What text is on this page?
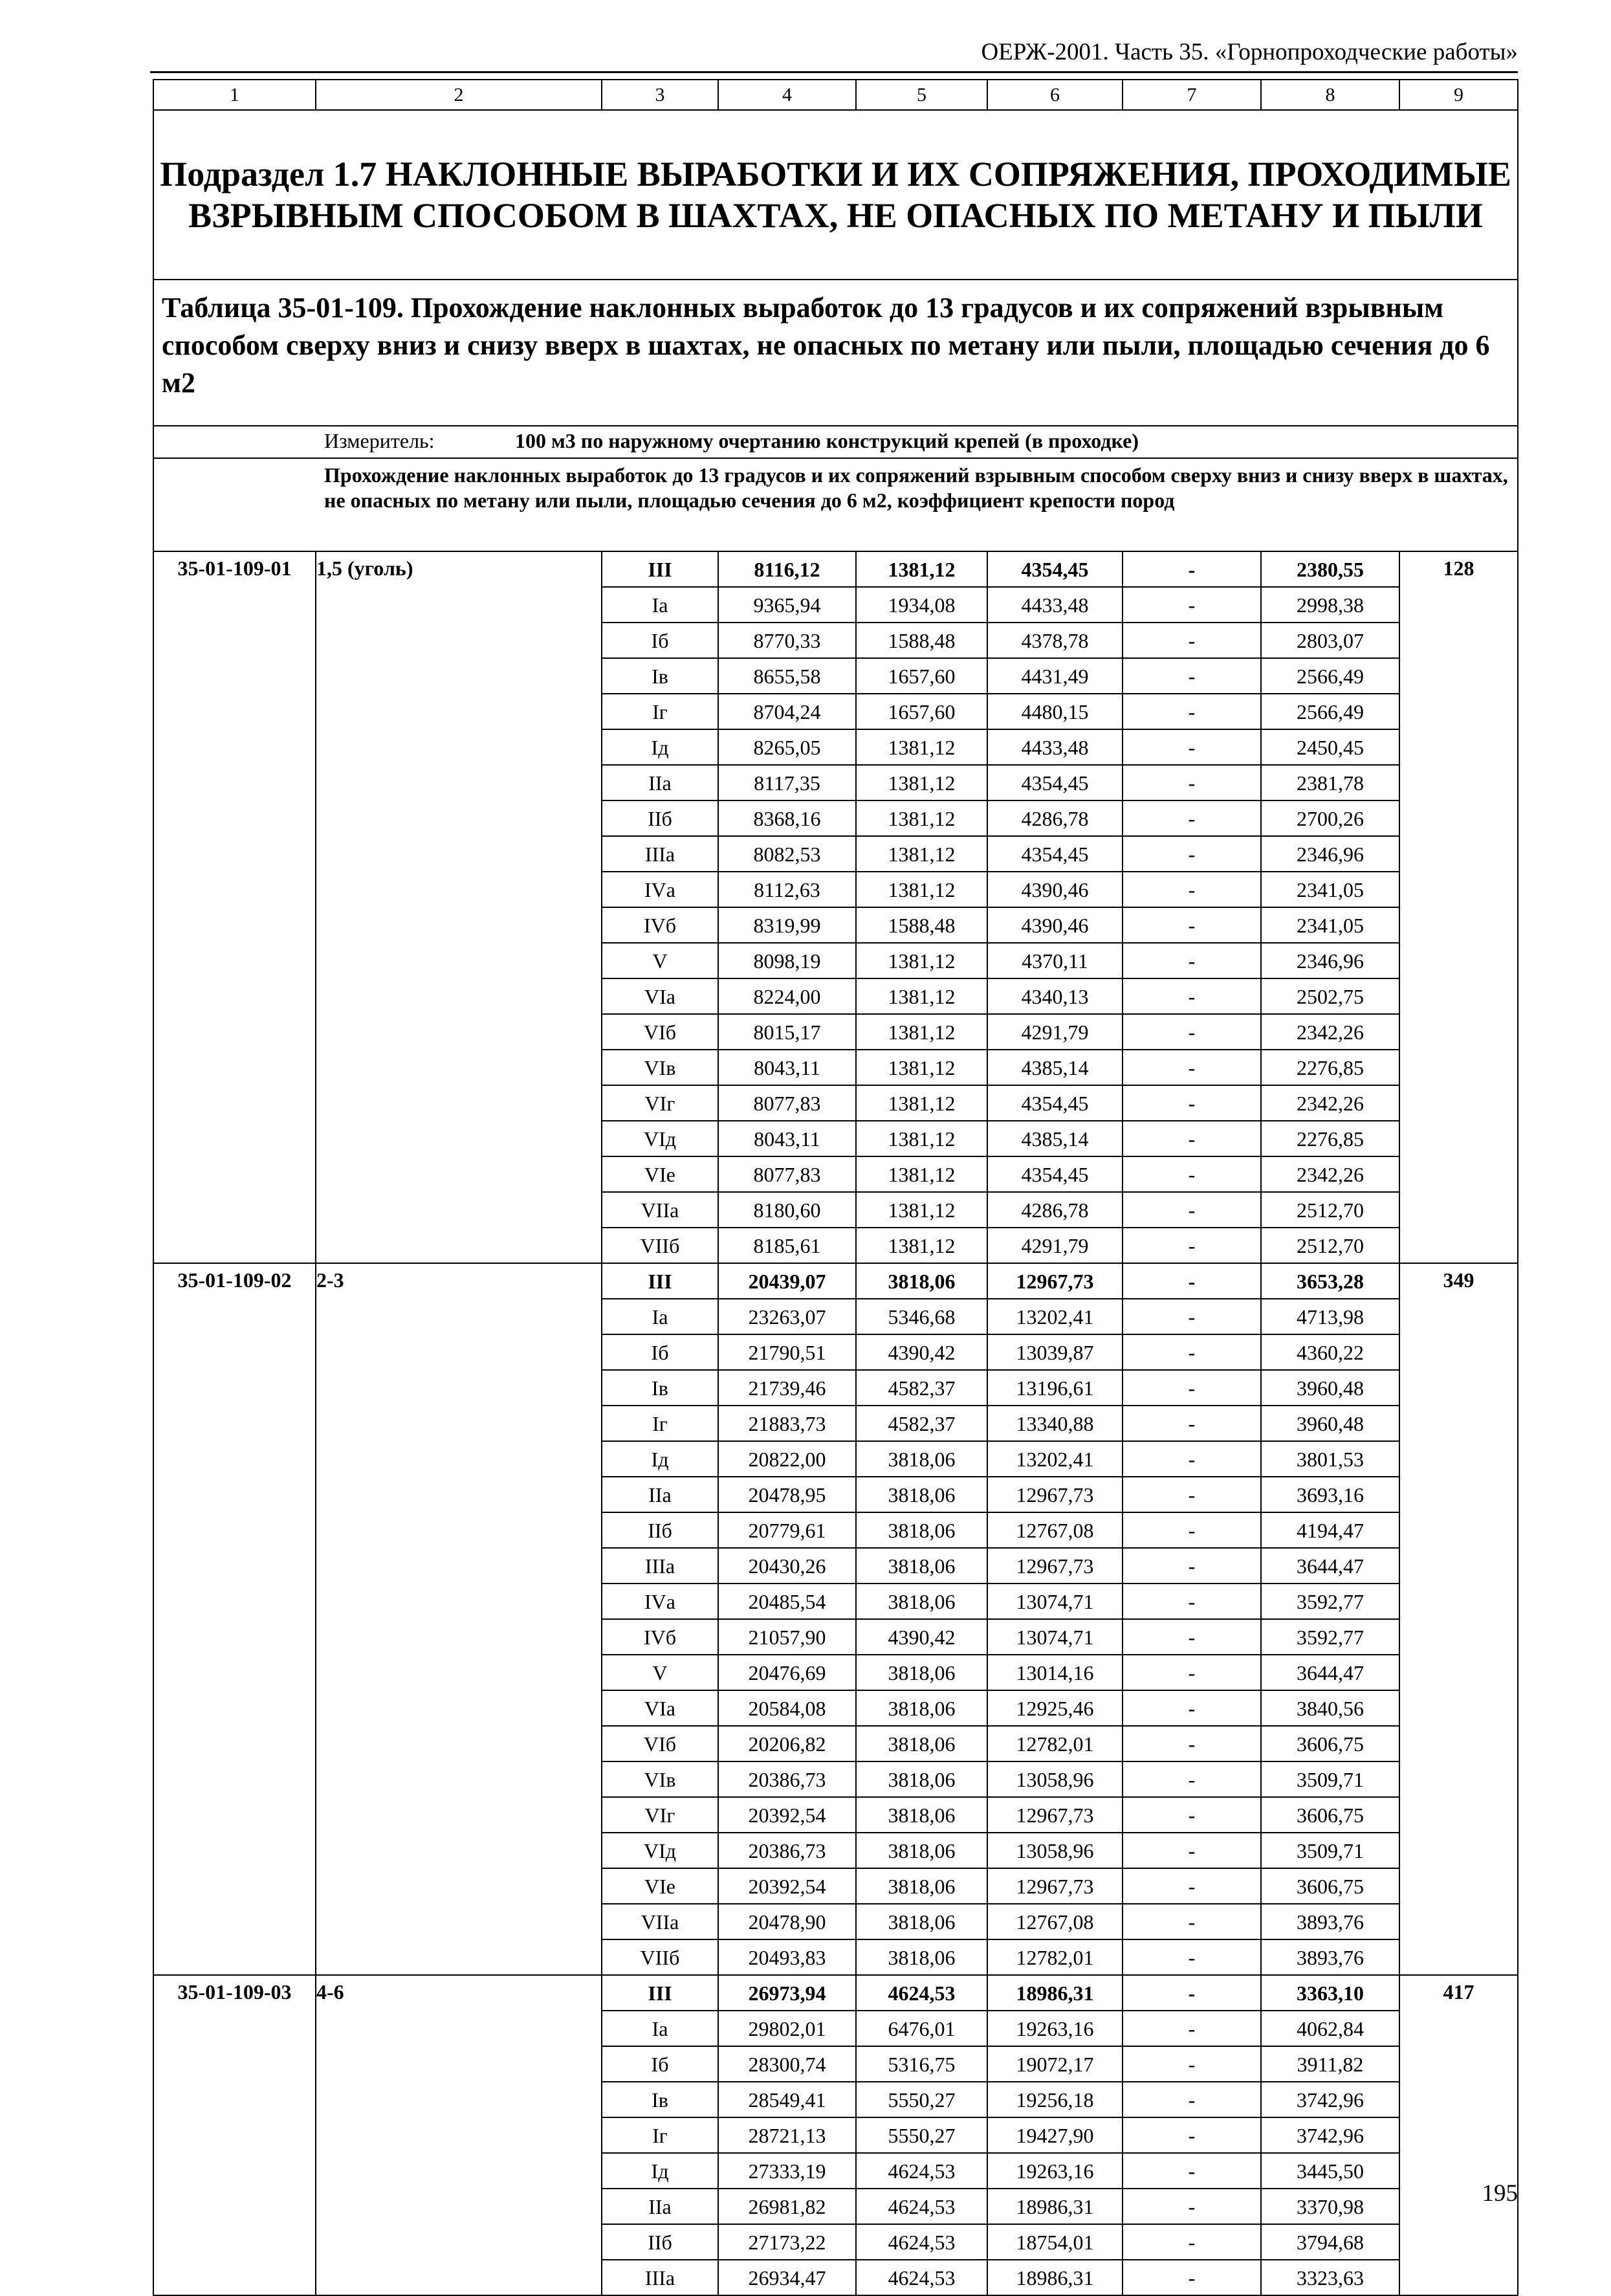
ОЕРЖ-2001. Часть 35. «Горнопроходческие работы»
1	2	3	4	5	6	7	8	9
Подраздел 1.7 НАКЛОННЫЕ ВЫРАБОТКИ И ИХ СОПРЯЖЕНИЯ, ПРОХОДИМЫЕ ВЗРЫВНЫМ СПОСОБОМ В ШАХТАХ, НЕ ОПАСНЫХ ПО МЕТАНУ И ПЫЛИ								
Таблица 35-01-109. Прохождение наклонных выработок до 13 градусов и их сопряжений взрывным способом сверху вниз и снизу вверх в шахтах, не опасных по метану или пыли, площадью сечения до 6 м2								
Измеритель: 100 м3 по наружному очертанию конструкций крепей (в проходке)								
Прохождение наклонных выработок до 13 градусов и их сопряжений взрывным способом сверху вниз и снизу вверх в шахтах, не опасных по метану или пыли, площадью сечения до 6 м2, коэффициент крепости пород								
35-01-109-01	1,5 (уголь)	III	8116,12	1381,12	4354,45	-	2380,55	128
		Iа	9365,94	1934,08	4433,48	-	2998,38	
		Iб	8770,33	1588,48	4378,78	-	2803,07	
		Iв	8655,58	1657,60	4431,49	-	2566,49	
		Iг	8704,24	1657,60	4480,15	-	2566,49	
		Iд	8265,05	1381,12	4433,48	-	2450,45	
		IIа	8117,35	1381,12	4354,45	-	2381,78	
		IIб	8368,16	1381,12	4286,78	-	2700,26	
		IIIа	8082,53	1381,12	4354,45	-	2346,96	
		IVа	8112,63	1381,12	4390,46	-	2341,05	
		IVб	8319,99	1588,48	4390,46	-	2341,05	
		V	8098,19	1381,12	4370,11	-	2346,96	
		VIа	8224,00	1381,12	4340,13	-	2502,75	
		VIб	8015,17	1381,12	4291,79	-	2342,26	
		VIв	8043,11	1381,12	4385,14	-	2276,85	
		VIг	8077,83	1381,12	4354,45	-	2342,26	
		VIд	8043,11	1381,12	4385,14	-	2276,85	
		VIе	8077,83	1381,12	4354,45	-	2342,26	
		VIIа	8180,60	1381,12	4286,78	-	2512,70	
		VIIб	8185,61	1381,12	4291,79	-	2512,70	
35-01-109-02	2-3	III	20439,07	3818,06	12967,73	-	3653,28	349
		Iа	23263,07	5346,68	13202,41	-	4713,98	
		Iб	21790,51	4390,42	13039,87	-	4360,22	
		Iв	21739,46	4582,37	13196,61	-	3960,48	
		Iг	21883,73	4582,37	13340,88	-	3960,48	
		Iд	20822,00	3818,06	13202,41	-	3801,53	
		IIа	20478,95	3818,06	12967,73	-	3693,16	
		IIб	20779,61	3818,06	12767,08	-	4194,47	
		IIIа	20430,26	3818,06	12967,73	-	3644,47	
		IVа	20485,54	3818,06	13074,71	-	3592,77	
		IVб	21057,90	4390,42	13074,71	-	3592,77	
		V	20476,69	3818,06	13014,16	-	3644,47	
		VIа	20584,08	3818,06	12925,46	-	3840,56	
		VIб	20206,82	3818,06	12782,01	-	3606,75	
		VIв	20386,73	3818,06	13058,96	-	3509,71	
		VIг	20392,54	3818,06	12967,73	-	3606,75	
		VIд	20386,73	3818,06	13058,96	-	3509,71	
		VIе	20392,54	3818,06	12967,73	-	3606,75	
		VIIа	20478,90	3818,06	12767,08	-	3893,76	
		VIIб	20493,83	3818,06	12782,01	-	3893,76	
35-01-109-03	4-6	III	26973,94	4624,53	18986,31	-	3363,10	417
		Iа	29802,01	6476,01	19263,16	-	4062,84	
		Iб	28300,74	5316,75	19072,17	-	3911,82	
		Iв	28549,41	5550,27	19256,18	-	3742,96	
		Iг	28721,13	5550,27	19427,90	-	3742,96	
		Iд	27333,19	4624,53	19263,16	-	3445,50	
		IIа	26981,82	4624,53	18986,31	-	3370,98	
		IIб	27173,22	4624,53	18754,01	-	3794,68	
		IIIа	26934,47	4624,53	18986,31	-	3323,63	
195
